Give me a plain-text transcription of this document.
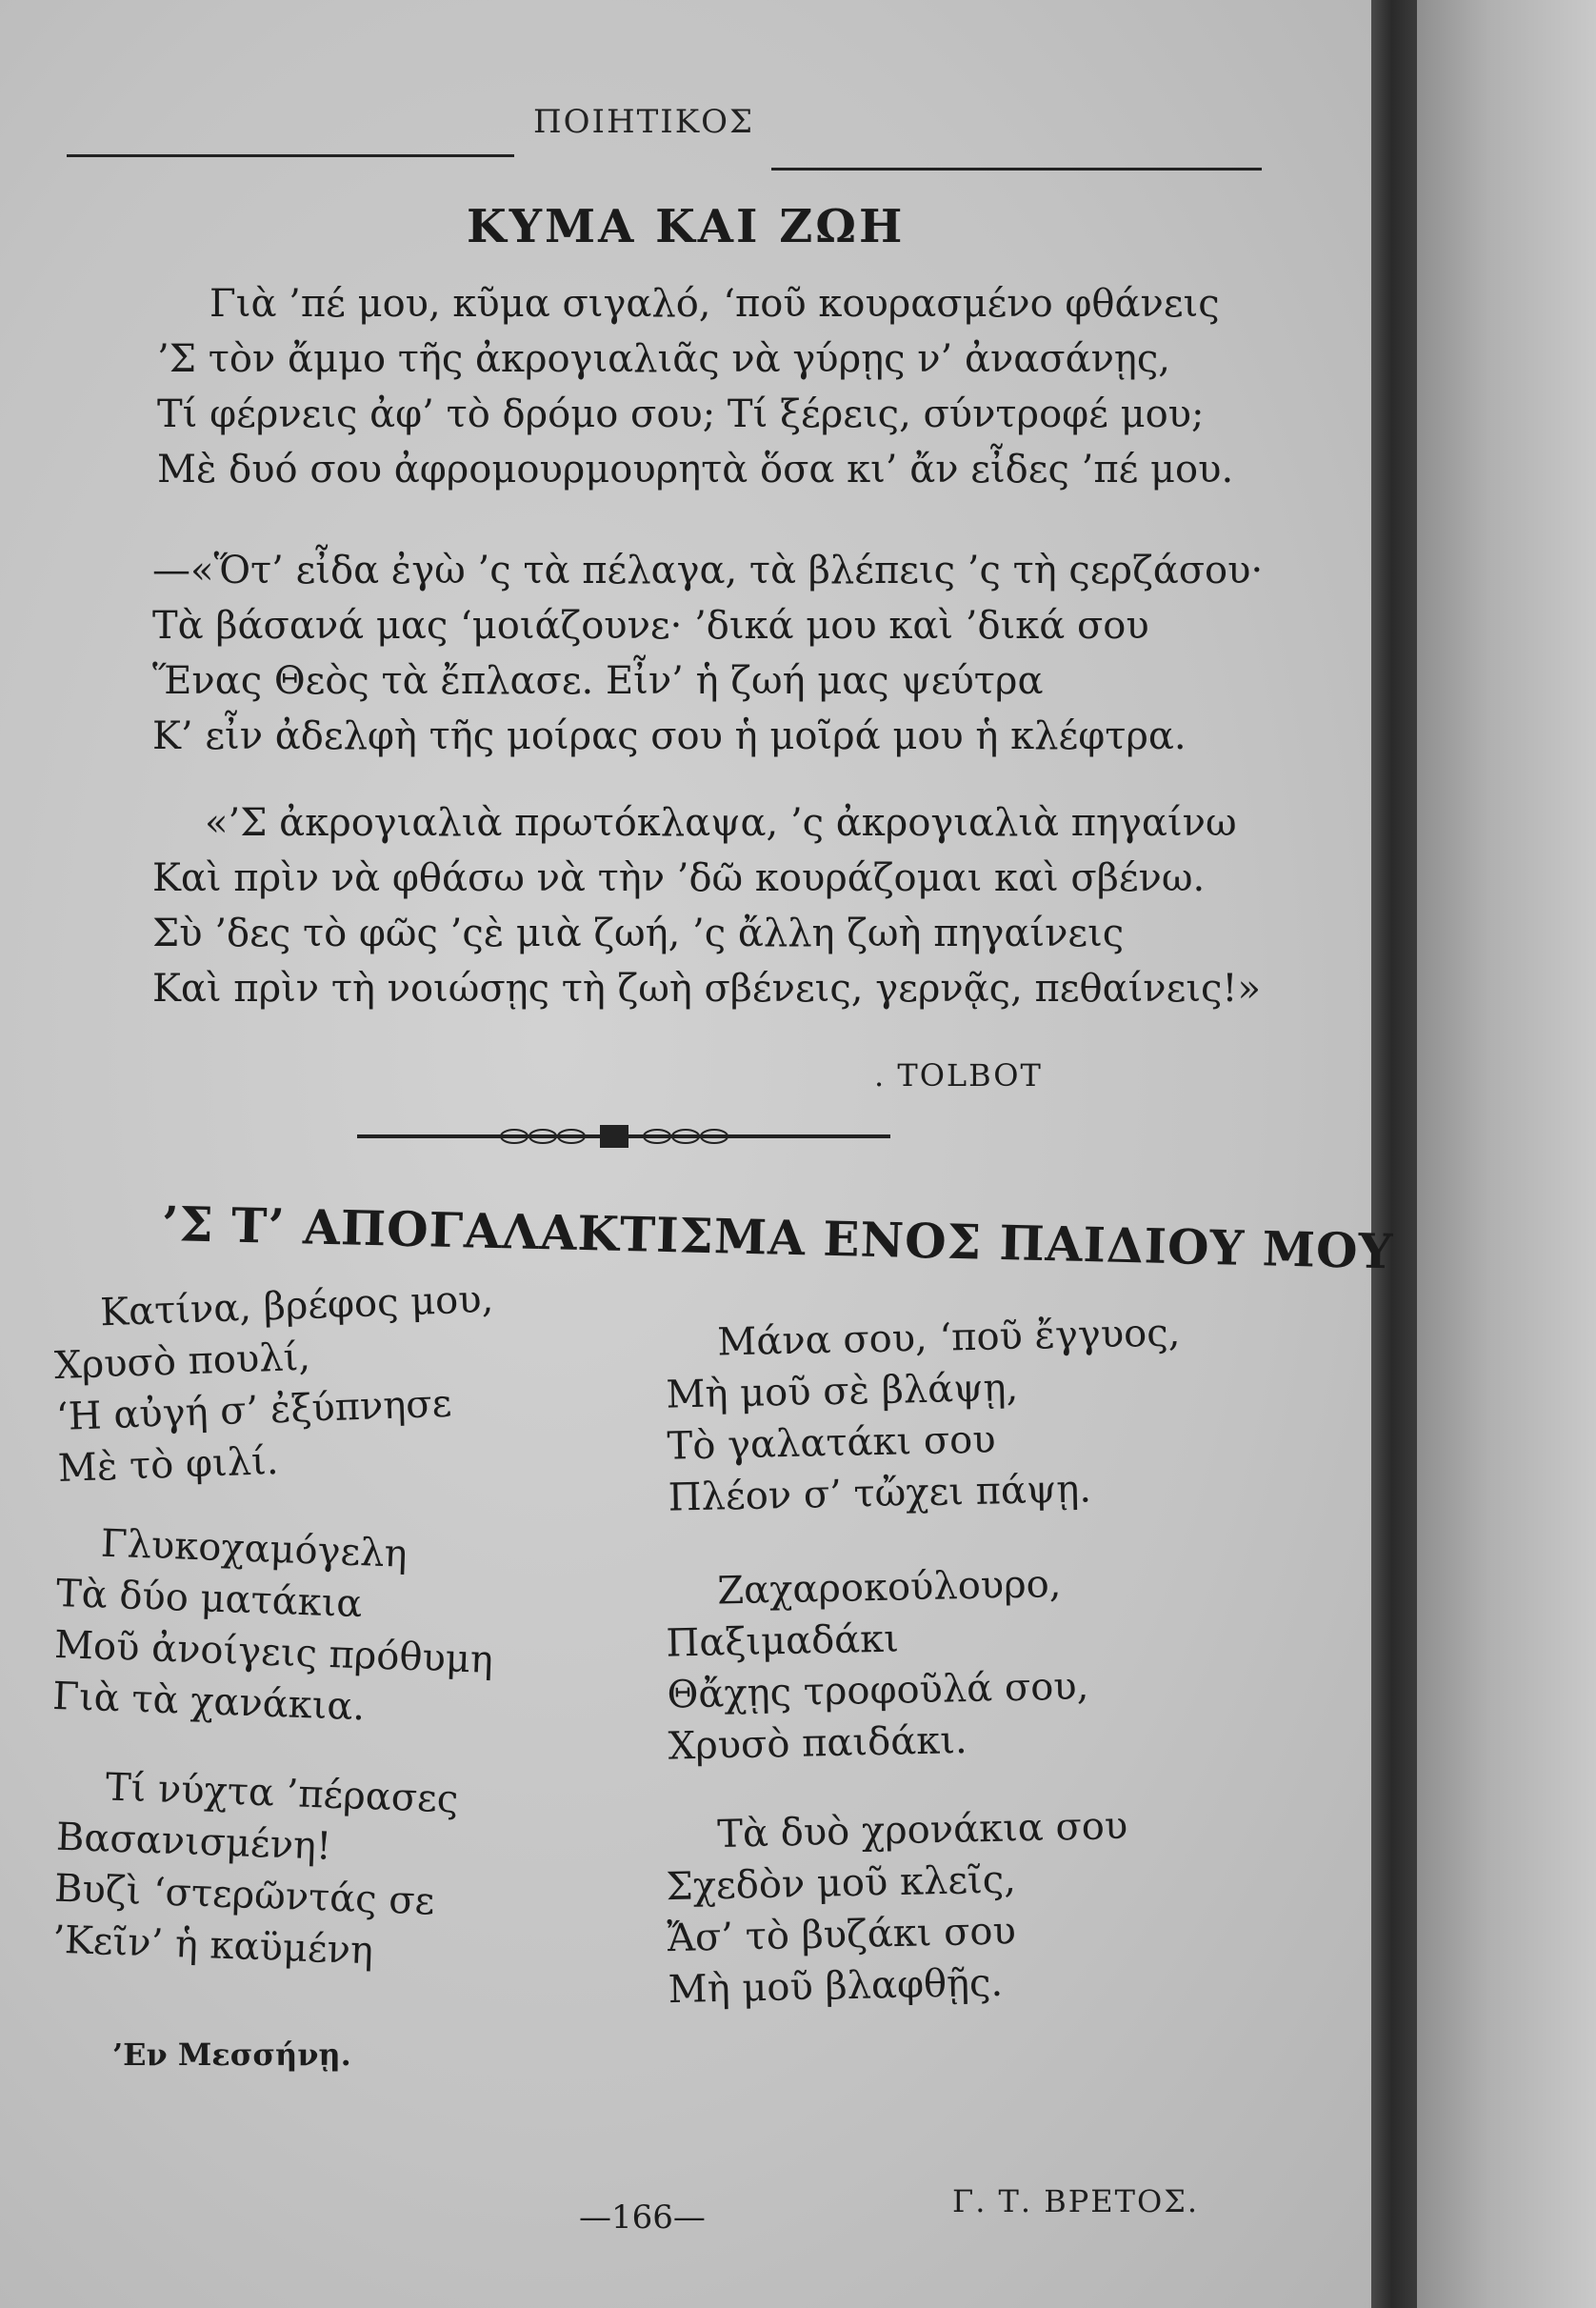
ΠΟΙΗΤΙΚΟΣ
ΚΥΜΑ ΚΑΙ ΖΩΗ
Γιὰ ’πέ μου, κῦμα σιγαλό, ‘ποῦ κουρασμένο φθάνεις
’Σ τὸν ἄμμο τῆς ἀκρογιαλιᾶς νὰ γύρῃς ν’ ἀνασάνῃς,
Τί φέρνεις ἀφ’ τὸ δρόμο σου; Τί ξέρεις, σύντροφέ μου;
Μὲ δυό σου ἀφρομουρμουρητὰ ὅσα κι’ ἄν εἶδες ’πέ μου.
—«Ὅτ’ εἶδα ἐγὼ ’ς τὰ πέλαγα, τὰ βλέπεις ’ς τὴ ςερζάσου·
Τὰ βάσανά μας ‘μοιάζουνε· ’δικά μου καὶ ’δικά σου
Ἕνας Θεὸς τὰ ἔπλασε. Εἶν’ ἡ ζωή μας ψεύτρα
Κ’ εἶν ἀδελφὴ τῆς μοίρας σου ἡ μοῖρά μου ἡ κλέφτρα.
«’Σ ἀκρογιαλιὰ πρωτόκλαψα, ’ς ἀκρογιαλιὰ πηγαίνω
Καὶ πρὶν νὰ φθάσω νὰ τὴν ’δῶ κουράζομαι καὶ σβένω.
Σὺ ’δες τὸ φῶς ’ςὲ μιὰ ζωή, ’ς ἄλλη ζωὴ πηγαίνεις
Καὶ πρὶν τὴ νοιώσῃς τὴ ζωὴ σβένεις, γερνᾷς, πεθαίνεις!»
. TOLBOT
’Σ Τ’ ΑΠΟΓΑΛΑΚΤΙΣΜΑ ΕΝΟΣ ΠΑΙΔΙΟΥ ΜΟΥ
Κατίνα, βρέφος μου,
Χρυσὸ πουλί,
‘Η αὐγή σ’ ἐξύπνησε
Μὲ τὸ φιλί.
Γλυκοχαμόγελη
Τὰ δύο ματάκια
Μοῦ ἀνοίγεις πρόθυμη
Γιὰ τὰ χανάκια.
Τί νύχτα ’πέρασες
Βασανισμένη!
Βυζὶ ‘στερῶντάς σε
’Κεῖν’ ἡ καϋμένη
Μάνα σου, ‘ποῦ ἔγγυος,
Μὴ μοῦ σὲ βλάψῃ,
Τὸ γαλατάκι σου
Πλέον σ’ τὤχει πάψῃ.
Ζαχαροκούλουρο,
Παξιμαδάκι
Θἄχῃς τροφοῦλά σου,
Χρυσὸ παιδάκι.
Τὰ δυὸ χρονάκια σου
Σχεδὸν μοῦ κλεῖς,
Ἄσ’ τὸ βυζάκι σου
Μὴ μοῦ βλαφθῇς.
’Εν Μεσσήνῃ.
Γ. Τ. ΒΡΕΤΟΣ.
—166—
